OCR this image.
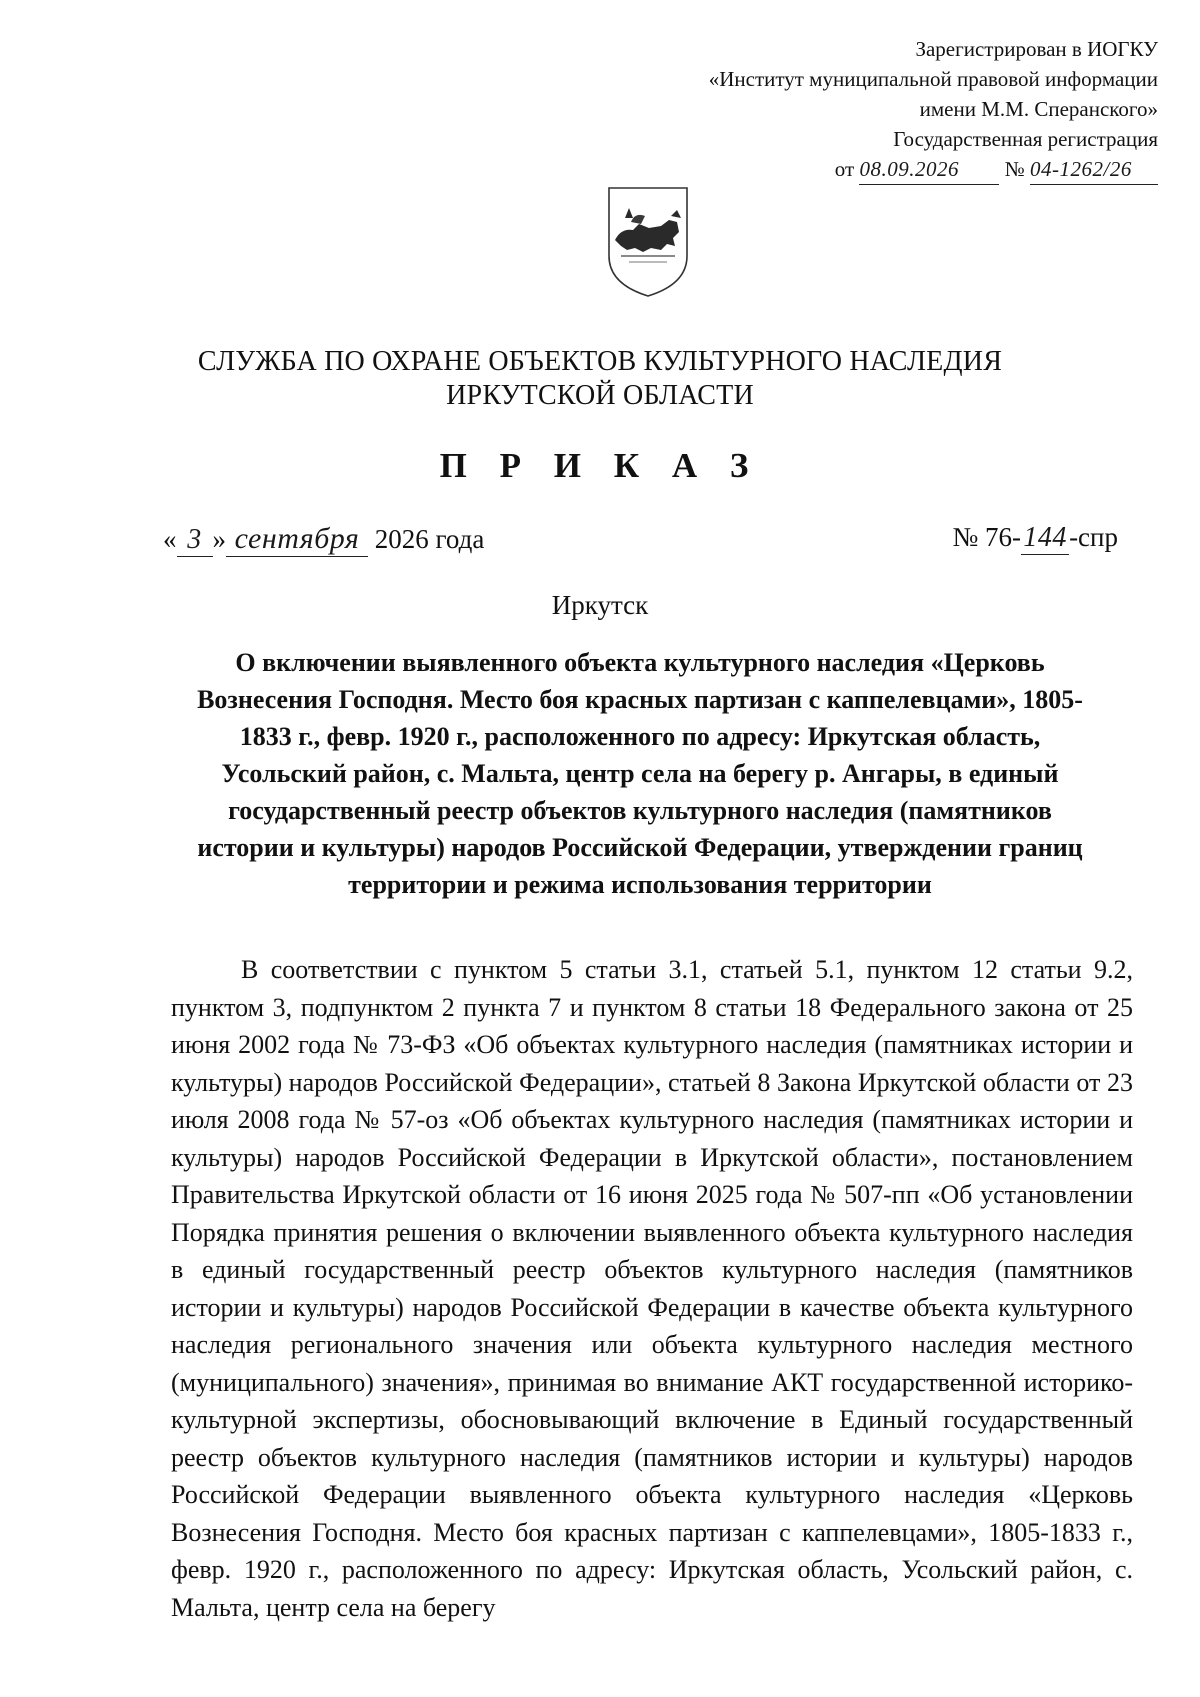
Зарегистрирован в ИОГКУ
«Институт муниципальной правовой информации
имени М.М. Сперанского»
Государственная регистрация
от 08.09.2026 № 04-1262/26
СЛУЖБА ПО ОХРАНЕ ОБЪЕКТОВ КУЛЬТУРНОГО НАСЛЕДИЯ
ИРКУТСКОЙ ОБЛАСТИ
П Р И К А З
« 3 » сентября 2026 года	№ 76-144-спр
Иркутск
О включении выявленного объекта культурного наследия «Церковь Вознесения Господня. Место боя красных партизан с каппелевцами», 1805-1833 г., февр. 1920 г., расположенного по адресу: Иркутская область, Усольский район, с. Мальта, центр села на берегу р. Ангары, в единый государственный реестр объектов культурного наследия (памятников истории и культуры) народов Российской Федерации, утверждении границ территории и режима использования территории
В соответствии с пунктом 5 статьи 3.1, статьей 5.1, пунктом 12 статьи 9.2, пунктом 3, подпунктом 2 пункта 7 и пунктом 8 статьи 18 Федерального закона от 25 июня 2002 года № 73-ФЗ «Об объектах культурного наследия (памятниках истории и культуры) народов Российской Федерации», статьей 8 Закона Иркутской области от 23 июля 2008 года № 57-оз «Об объектах культурного наследия (памятниках истории и культуры) народов Российской Федерации в Иркутской области», постановлением Правительства Иркутской области от 16 июня 2025 года № 507-пп «Об установлении Порядка принятия решения о включении выявленного объекта культурного наследия в единый государственный реестр объектов культурного наследия (памятников истории и культуры) народов Российской Федерации в качестве объекта культурного наследия регионального значения или объекта культурного наследия местного (муниципального) значения», принимая во внимание АКТ государственной историко-культурной экспертизы, обосновывающий включение в Единый государственный реестр объектов культурного наследия (памятников истории и культуры) народов Российской Федерации выявленного объекта культурного наследия «Церковь Вознесения Господня. Место боя красных партизан с каппелевцами», 1805-1833 г., февр. 1920 г., расположенного по адресу: Иркутская область, Усольский район, с. Мальта, центр села на берегу
